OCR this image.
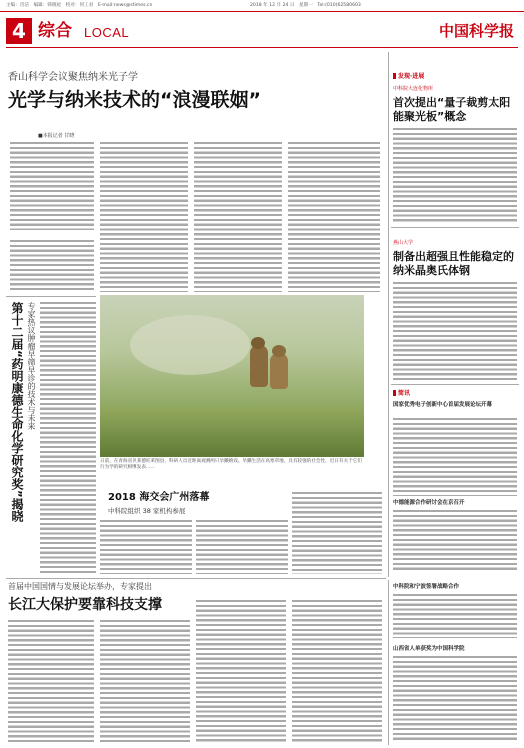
主编：肖洁　编辑：韩晓屋　校对：何工君　E-mail:news@stimes.cn	2018 年 12 月 24 日　星期一　Tel:(010)62580603
4 综合 LOCAL	中国科学报
香山科学会议聚焦纳米光子学
光学与纳米技术的“浪漫联姻”
■本报记者 甘晓
第十二届“药明康德生命化学研究奖”揭晓 专家热议肿瘤早筛早诊的技术与未来
日前，在青海省贝莱德旺莱图县，科研人员近距离观测两只旱獭嬉戏。旱獭生活在高寒草地，具有较强的社会性，近日有关于它们行为学的研究相继发表……
2018 海交会广州落幕
中科院组织 38 家机构参展
发现·进展
中科院大连化物所
首次提出“量子裁剪太阳能聚光板”概念
燕山大学
制备出超强且性能稳定的纳米晶奥氏体钢
简讯
国家优秀电子创新中心首届发展论坛开幕
中德能源合作研讨会在京召开
中科院和宁波签署战略合作
山西省人单获奖为中国科学院
首届中国国情与发展论坛举办，专家提出
长江大保护要靠科技支撑
